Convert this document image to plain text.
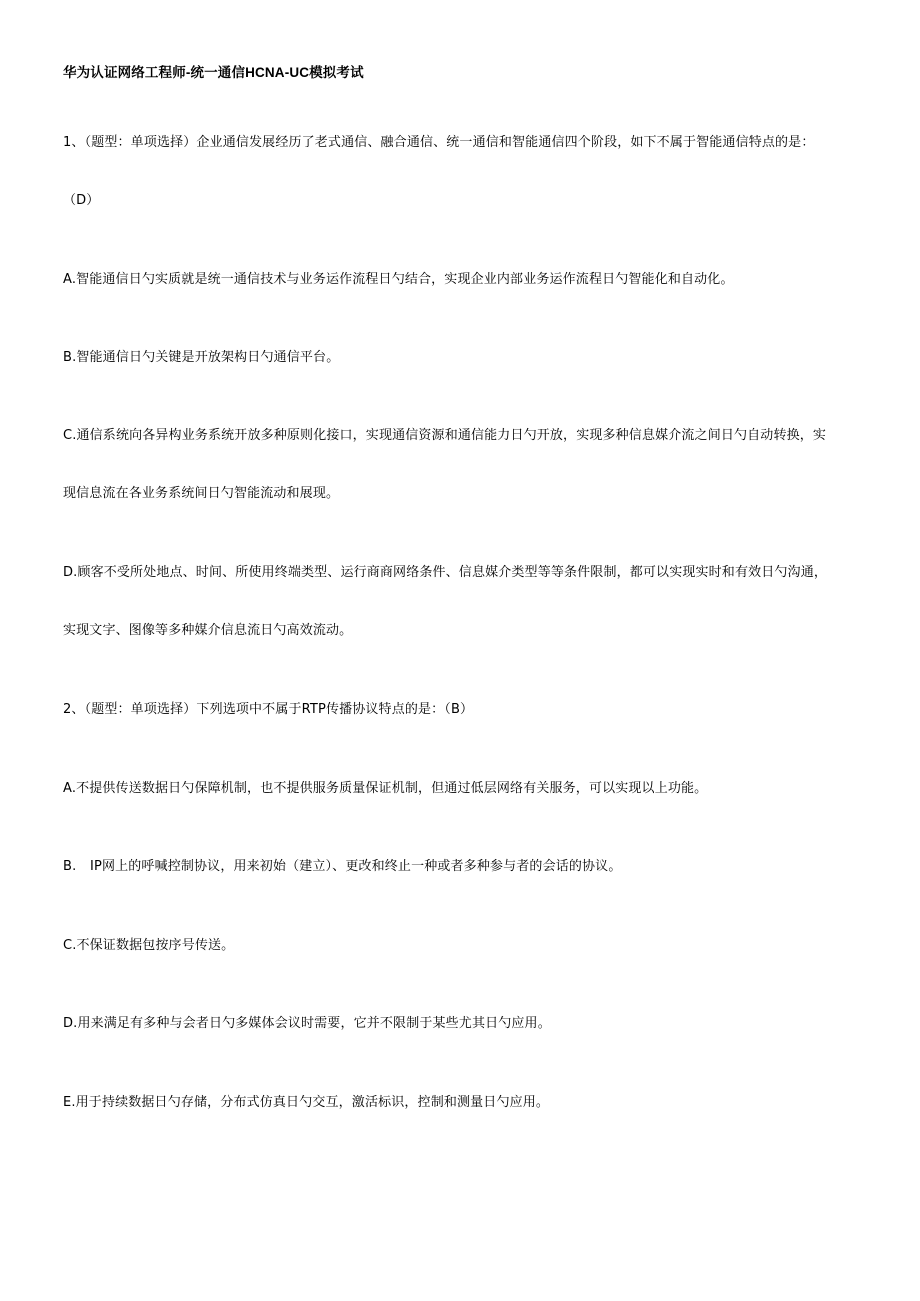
华为认证网络工程师-统一通信HCNA-UC模拟考试
1、（题型：单项选择）企业通信发展经历了老式通信、融合通信、统一通信和智能通信四个阶段，如下不属于智能通信特点的是：
（D）
A.智能通信日勺实质就是统一通信技术与业务运作流程日勺结合，实现企业内部业务运作流程日勺智能化和自动化。
B.智能通信日勺关键是开放架构日勺通信平台。
C.通信系统向各异构业务系统开放多种原则化接口，实现通信资源和通信能力日勺开放，实现多种信息媒介流之间日勺自动转换，实
现信息流在各业务系统间日勺智能流动和展现。
D.顾客不受所处地点、时间、所使用终端类型、运行商商网络条件、信息媒介类型等等条件限制，都可以实现实时和有效日勺沟通，
实现文字、图像等多种媒介信息流日勺高效流动。
2、（题型：单项选择）下列选项中不属于RTP传播协议特点的是：（B）
A.不提供传送数据日勺保障机制，也不提供服务质量保证机制，但通过低层网络有关服务，可以实现以上功能。
B. IP网上的呼喊控制协议，用来初始（建立）、更改和终止一种或者多种参与者的会话的协议。
C.不保证数据包按序号传送。
D.用来满足有多种与会者日勺多媒体会议时需要，它并不限制于某些尤其日勺应用。
E.用于持续数据日勺存储，分布式仿真日勺交互，激活标识，控制和测量日勺应用。
